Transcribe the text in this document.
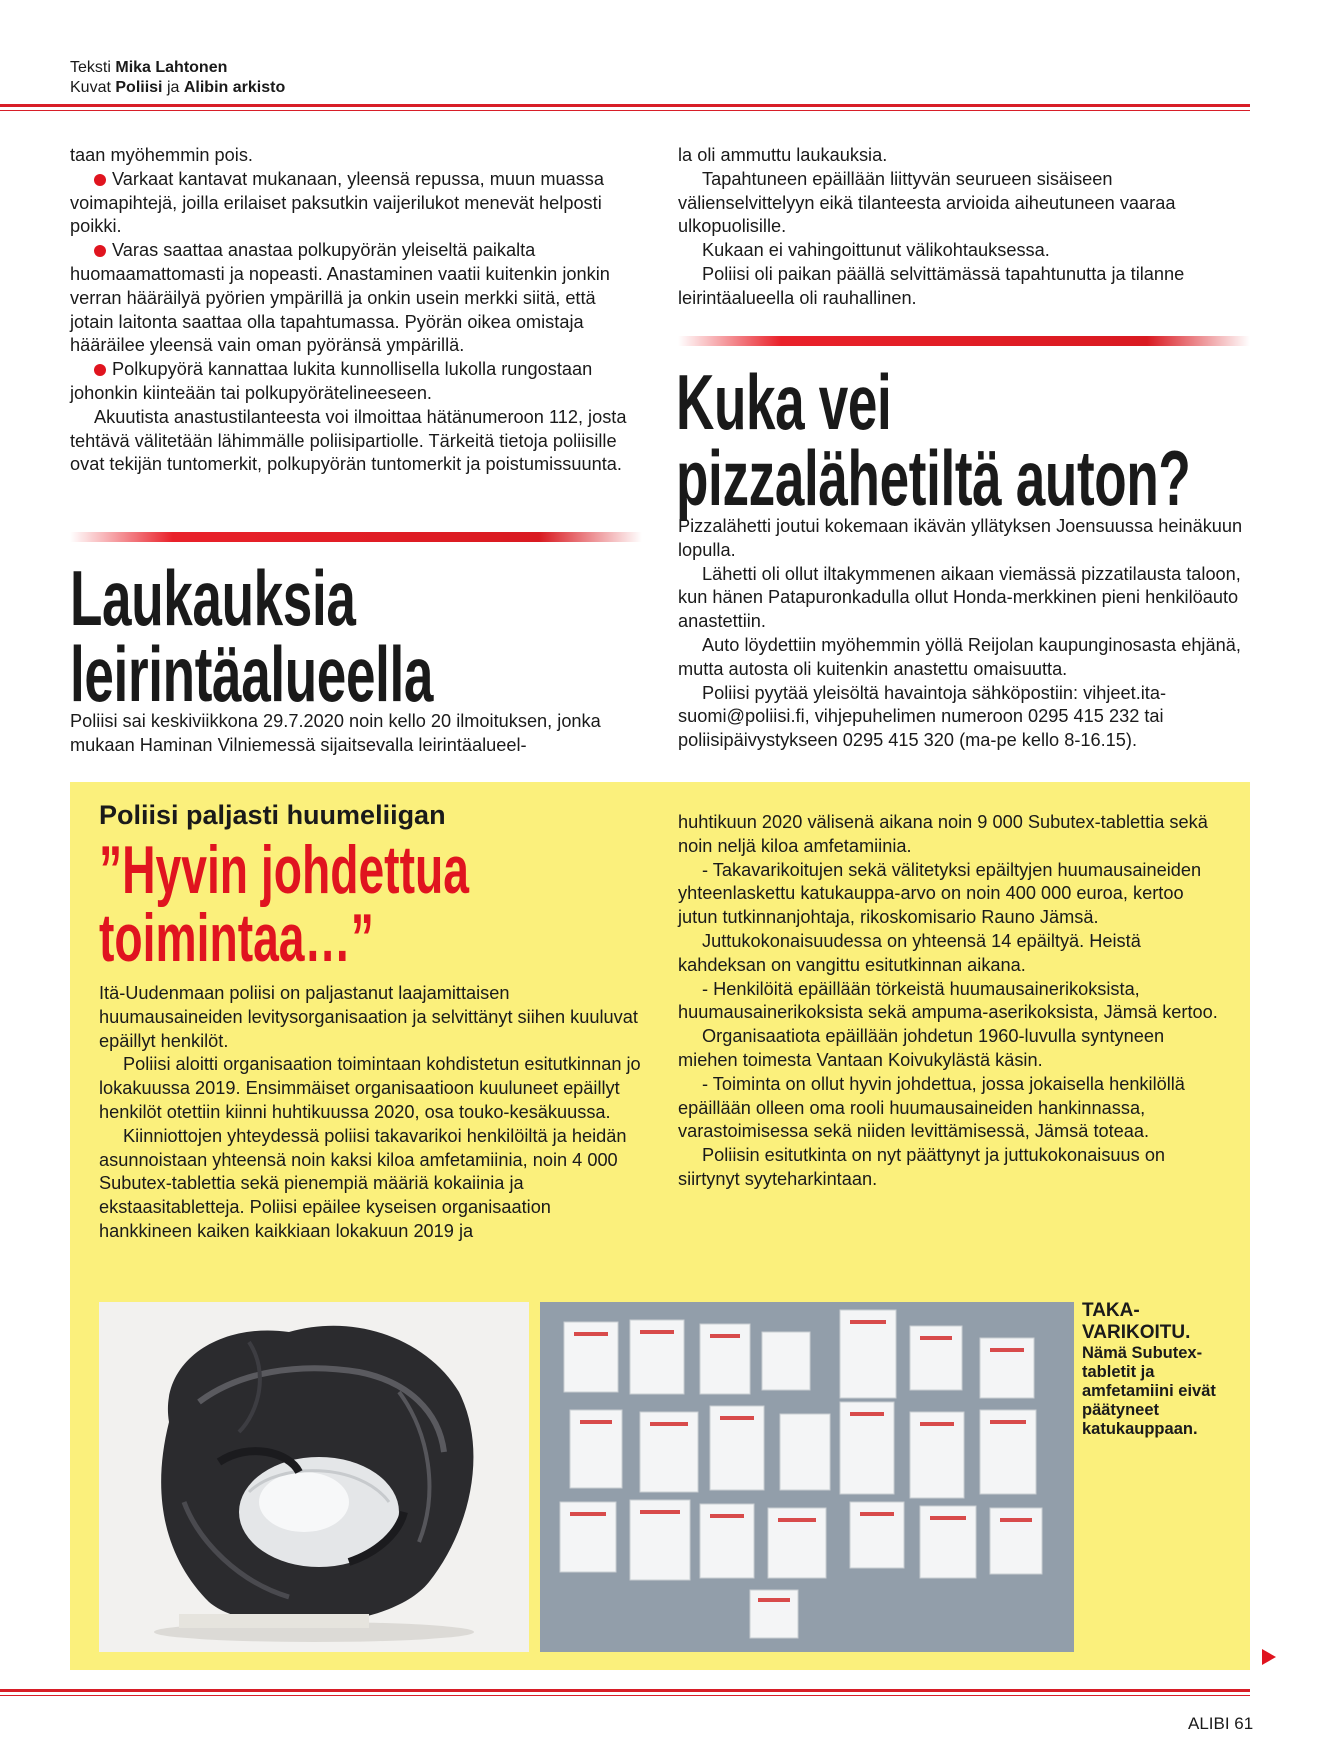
Teksti Mika Lahtonen
Kuvat Poliisi ja Alibin arkisto

taan myöhemmin pois.

Varkaat kantavat mukanaan, yleensä repussa, muun muassa voimapihtejä, joilla erilaiset paksutkin vaijerilukot menevät helposti poikki.

Varas saattaa anastaa polkupyörän yleiseltä paikalta huomaamattomasti ja nopeasti. Anastaminen vaatii kuitenkin jonkin verran hääräilyä pyörien ympärillä ja onkin usein merkki siitä, että jotain laitonta saattaa olla tapahtumassa. Pyörän oikea omistaja hääräilee yleensä vain oman pyöränsä ympärillä.

Polkupyörä kannattaa lukita kunnollisella lukolla rungostaan johonkin kiinteään tai polkupyörätelineeseen.

Akuutista anastustilanteesta voi ilmoittaa hätänumeroon 112, josta tehtävä välitetään lähimmälle poliisipartiolle. Tärkeitä tietoja poliisille ovat tekijän tuntomerkit, polkupyörän tuntomerkit ja poistumissuunta.

Laukauksia
leirintäalueella

Poliisi sai keskiviikkona 29.7.2020 noin kello 20 ilmoituksen, jonka mukaan Haminan Vilniemessä sijaitsevalla leirintäalueel-

la oli ammuttu laukauksia.

Tapahtuneen epäillään liittyvän seurueen sisäiseen välienselvittelyyn eikä tilanteesta arvioida aiheutuneen vaaraa ulkopuolisille.

Kukaan ei vahingoittunut välikohtauksessa.

Poliisi oli paikan päällä selvittämässä tapahtunutta ja tilanne leirintäalueella oli rauhallinen.

Kuka vei
pizzalähetiltä auton?

Pizzalähetti joutui kokemaan ikävän yllätyksen Joensuussa heinäkuun lopulla.

Lähetti oli ollut iltakymmenen aikaan viemässä pizzatilausta taloon, kun hänen Patapuronkadulla ollut Honda-merkkinen pieni henkilöauto anastettiin.

Auto löydettiin myöhemmin yöllä Reijolan kaupunginosasta ehjänä, mutta autosta oli kuitenkin anastettu omaisuutta.

Poliisi pyytää yleisöltä havaintoja sähköpostiin: vihjeet.ita-suomi@poliisi.fi, vihjepuhelimen numeroon 0295 415 232 tai poliisipäivystykseen 0295 415 320 (ma-pe kello 8-16.15).

Poliisi paljasti huumeliigan
”Hyvin johdettua
toimintaa…”

Itä-Uudenmaan poliisi on paljastanut laajamittaisen huumausaineiden levitysorganisaation ja selvittänyt siihen kuuluvat epäillyt henkilöt.

Poliisi aloitti organisaation toimintaan kohdistetun esitutkinnan jo lokakuussa 2019. Ensimmäiset organisaatioon kuuluneet epäillyt henkilöt otettiin kiinni huhtikuussa 2020, osa touko-kesäkuussa.

Kiinniottojen yhteydessä poliisi takavarikoi henkilöiltä ja heidän asunnoistaan yhteensä noin kaksi kiloa amfetamiinia, noin 4 000 Subutex-tablettia sekä pienempiä määriä kokaiinia ja ekstaasitabletteja. Poliisi epäilee kyseisen organisaation hankkineen kaiken kaikkiaan lokakuun 2019 ja

huhtikuun 2020 välisenä aikana noin 9 000 Subutex-tablettia sekä noin neljä kiloa amfetamiinia.

- Takavarikoitujen sekä välitetyksi epäiltyjen huumausaineiden yhteenlaskettu katukauppa-arvo on noin 400 000 euroa, kertoo jutun tutkinnanjohtaja, rikoskomisario Rauno Jämsä.

Juttukokonaisuudessa on yhteensä 14 epäiltyä. Heistä kahdeksan on vangittu esitutkinnan aikana.

- Henkilöitä epäillään törkeistä huumausainerikoksista, huumausainerikoksista sekä ampuma-aserikoksista, Jämsä kertoo.

Organisaatiota epäillään johdetun 1960-luvulla syntyneen miehen toimesta Vantaan Koivukylästä käsin.

- Toiminta on ollut hyvin johdettua, jossa jokaisella henkilöllä epäillään olleen oma rooli huumausaineiden hankinnassa, varastoimisessa sekä niiden levittämisessä, Jämsä toteaa.

Poliisin esitutkinta on nyt päättynyt ja juttukokonaisuus on siirtynyt syyteharkintaan.

TAKA-
VARIKOITU.
Nämä Subutex-tabletit ja amfetamiini eivät päätyneet katukauppaan.
ALIBI 61
